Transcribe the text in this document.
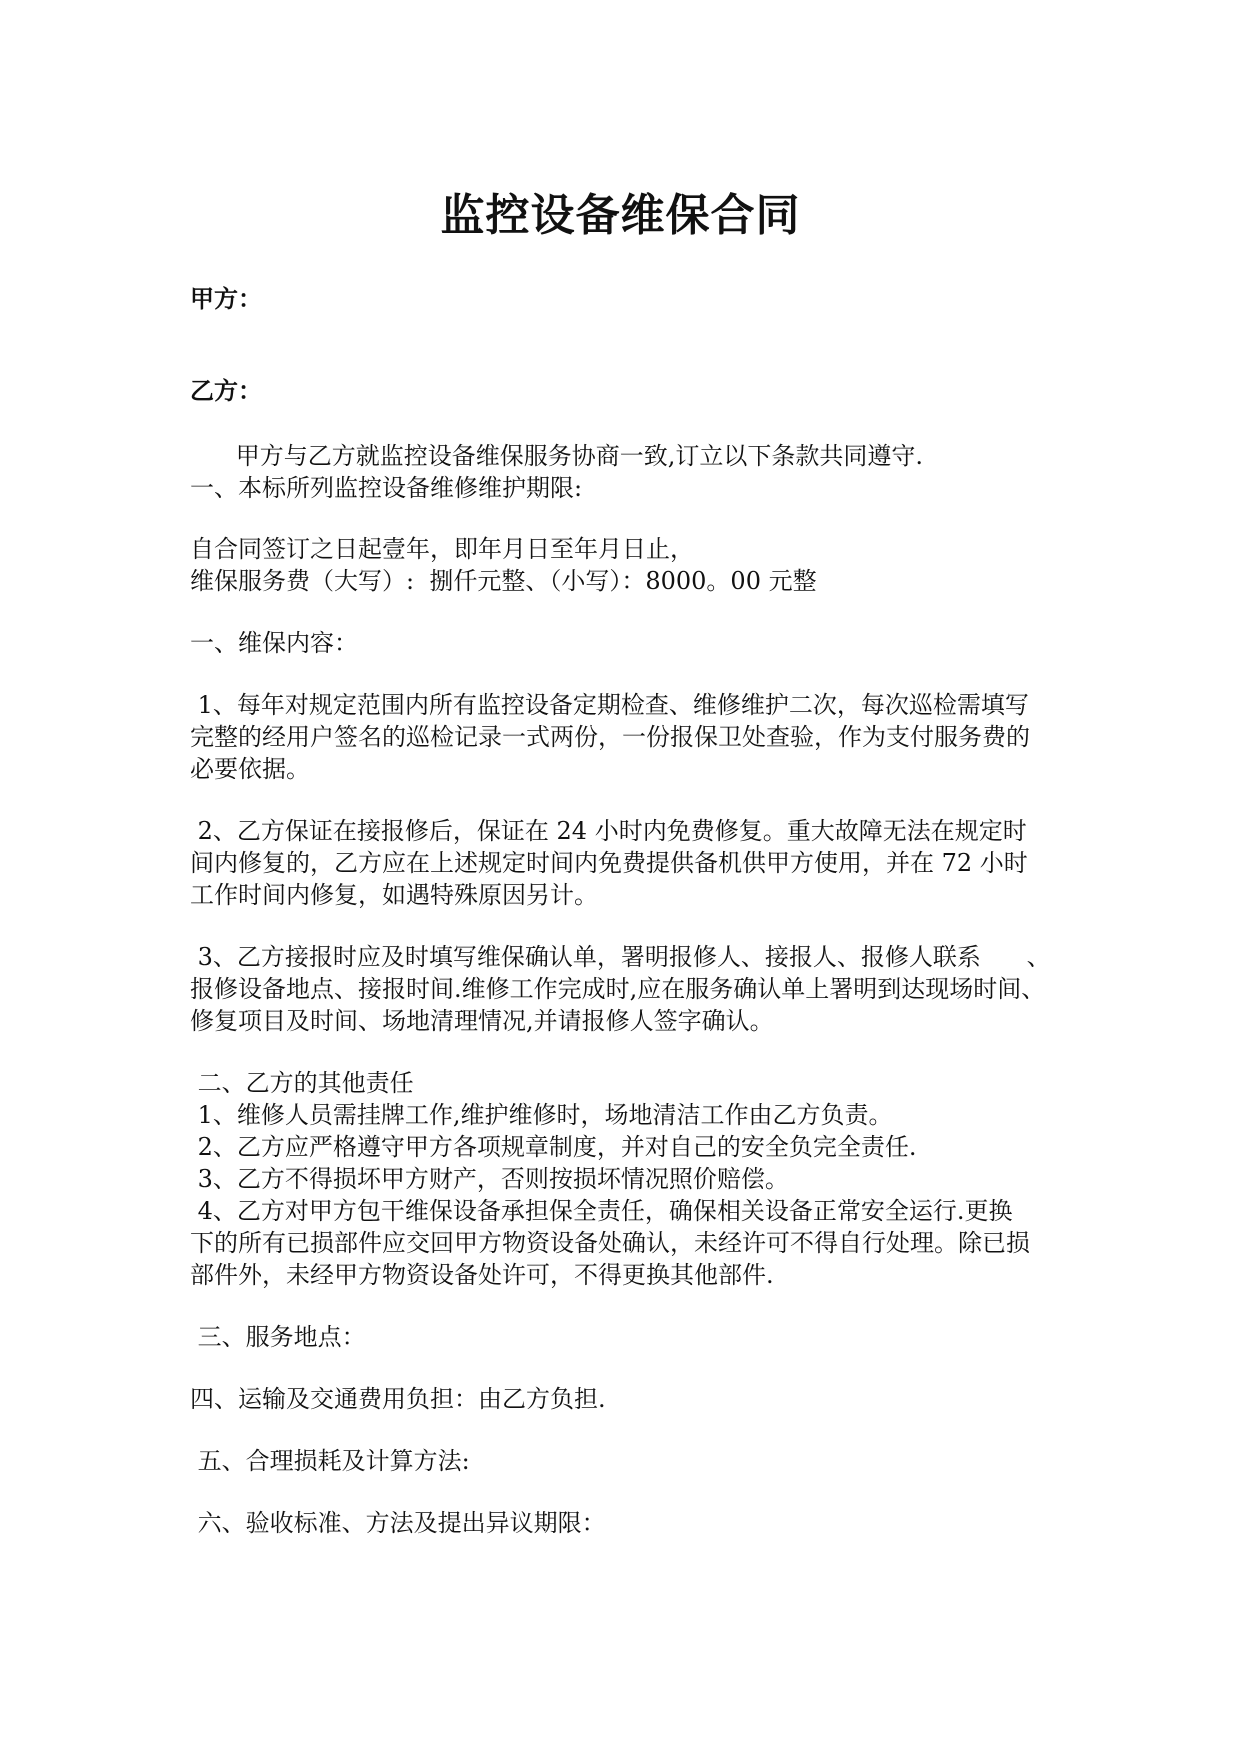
监控设备维保合同
甲方：
乙方：
甲方与乙方就监控设备维保服务协商一致,订立以下条款共同遵守.
一、本标所列监控设备维修维护期限:
自合同签订之日起壹年，即年月日至年月日止，
维保服务费（大写）:  捌仟元整、（小写）：8000。00 元整
一、维保内容：
1、每年对规定范围内所有监控设备定期检查、维修维护二次，每次巡检需填写
完整的经用户签名的巡检记录一式两份，一份报保卫处查验，作为支付服务费的
必要依据。
2、乙方保证在接报修后，保证在 24 小时内免费修复。重大故障无法在规定时
间内修复的，乙方应在上述规定时间内免费提供备机供甲方使用，并在 72 小时
工作时间内修复，如遇特殊原因另计。
3、乙方接报时应及时填写维保确认单，署明报修人、接报人、报修人联系      、
报修设备地点、接报时间.维修工作完成时,应在服务确认单上署明到达现场时间、
修复项目及时间、场地清理情况,并请报修人签字确认。
二、乙方的其他责任
1、维修人员需挂牌工作,维护维修时，场地清洁工作由乙方负责。
2、乙方应严格遵守甲方各项规章制度，并对自己的安全负完全责任.
3、乙方不得损坏甲方财产，否则按损坏情况照价赔偿。
4、乙方对甲方包干维保设备承担保全责任，确保相关设备正常安全运行.更换
下的所有已损部件应交回甲方物资设备处确认，未经许可不得自行处理。除已损
部件外，未经甲方物资设备处许可，不得更换其他部件.
三、服务地点：
四、运输及交通费用负担：由乙方负担.
五、合理损耗及计算方法:
六、验收标准、方法及提出异议期限：
